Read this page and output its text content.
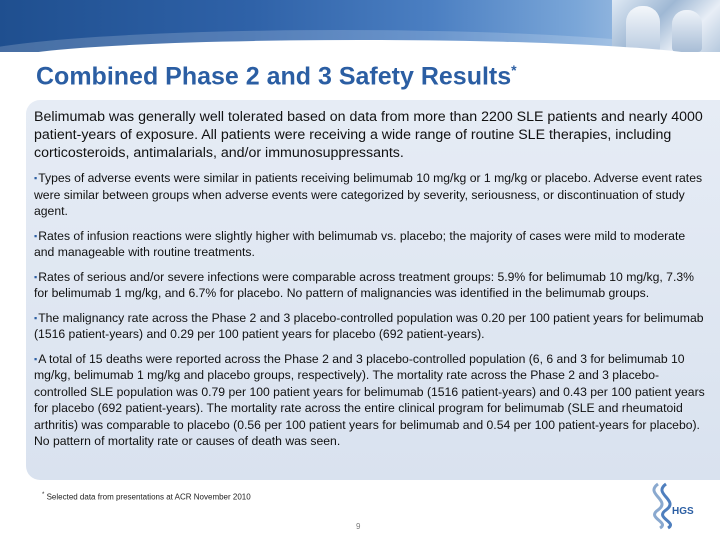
Combined Phase 2 and 3 Safety Results*

Belimumab was generally well tolerated based on data from more than 2200 SLE patients and nearly 4000 patient-years of exposure. All patients were receiving a wide range of routine SLE therapies, including corticosteroids, antimalarials, and/or immunosuppressants.

▪Types of adverse events were similar in patients receiving belimumab 10 mg/kg or 1 mg/kg or placebo. Adverse event rates were similar between groups when adverse events were categorized by severity, seriousness, or discontinuation of study agent.

▪Rates of infusion reactions were slightly higher with belimumab vs. placebo; the majority of cases were mild to moderate and manageable with routine treatments.

▪Rates of serious and/or severe infections were comparable across treatment groups: 5.9% for belimumab 10 mg/kg, 7.3% for belimumab 1 mg/kg, and 6.7% for placebo. No pattern of malignancies was identified in the belimumab groups.

▪The malignancy rate across the Phase 2 and 3 placebo-controlled population was 0.20 per 100 patient years for belimumab (1516 patient-years) and 0.29 per 100 patient years for placebo (692 patient-years).

▪A total of 15 deaths were reported across the Phase 2 and 3 placebo-controlled population (6, 6 and 3 for belimumab 10 mg/kg, belimumab 1 mg/kg and placebo groups, respectively). The mortality rate across the Phase 2 and 3 placebo-controlled SLE population was 0.79 per 100 patient years for belimumab (1516 patient-years) and 0.43 per 100 patient years for placebo (692 patient-years). The mortality rate across the entire clinical program for belimumab (SLE and rheumatoid arthritis) was comparable to placebo (0.56 per 100 patient years for belimumab and 0.54 per 100 patient-years for placebo). No pattern of mortality rate or causes of death was seen.

* Selected data from presentations at ACR November 2010
9
HGS
